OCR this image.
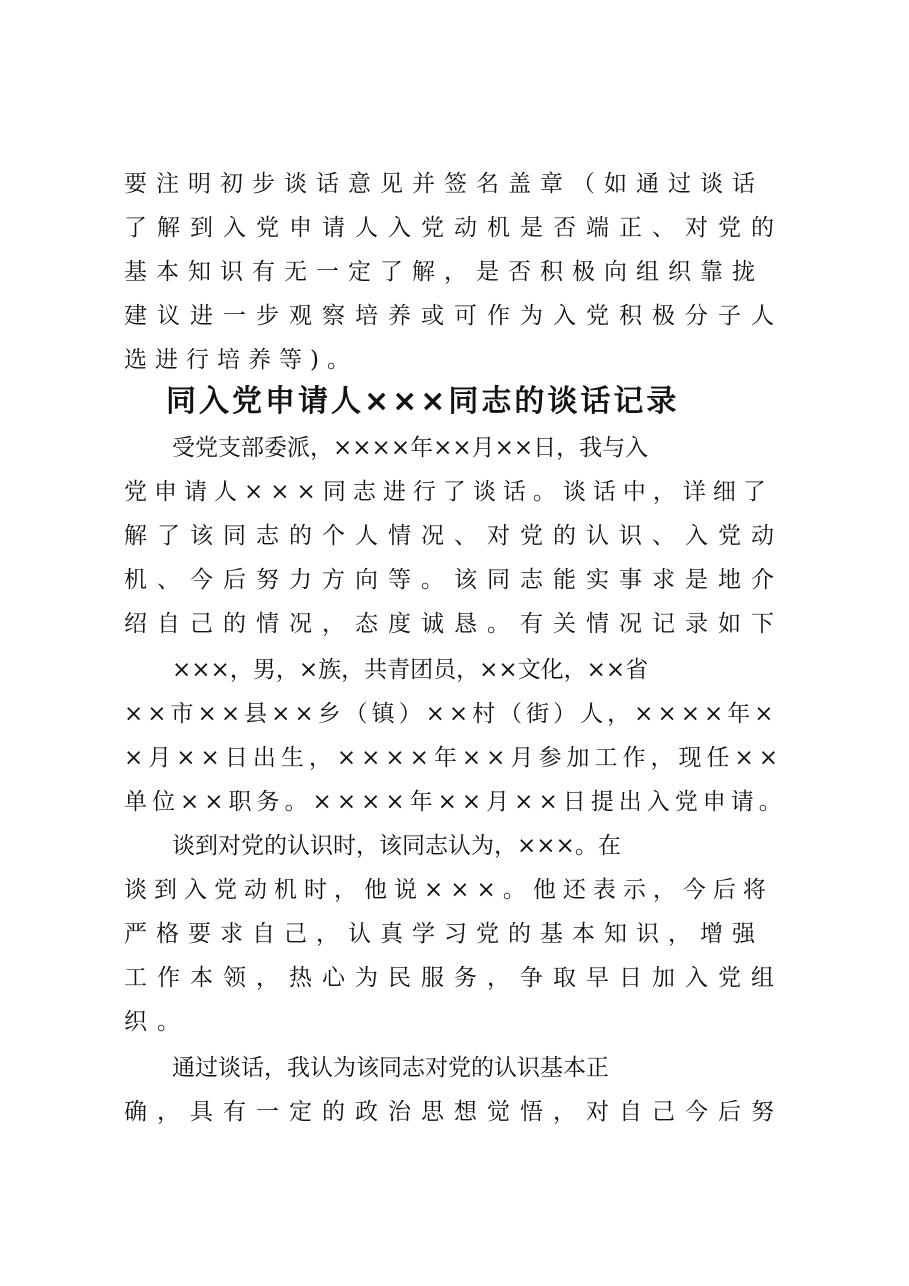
要注明初步谈话意见并签名盖章（如通过谈话
了解到入党申请人入党动机是否端正、对党的
基本知识有无一定了解，是否积极向组织靠拢
建议进一步观察培养或可作为入党积极分子人
选进行培养等)。
同入党申请人×××同志的谈话记录
受党支部委派，××××年××月××日，我与入
党申请人×××同志进行了谈话。谈话中，详细了
解了该同志的个人情况、对党的认识、入党动
机、今后努力方向等。该同志能实事求是地介
绍自己的情况，态度诚恳。有关情况记录如下
×××，男，×族，共青团员，××文化，××省
××市××县××乡（镇）××村（街）人，××××年×
×月××日出生，××××年××月参加工作，现任××
单位××职务。××××年××月××日提出入党申请。
谈到对党的认识时，该同志认为，×××。在
谈到入党动机时，他说×××。他还表示，今后将
严格要求自己，认真学习党的基本知识，增强
工作本领，热心为民服务，争取早日加入党组
织。
通过谈话，我认为该同志对党的认识基本正
确，具有一定的政治思想觉悟，对自己今后努
